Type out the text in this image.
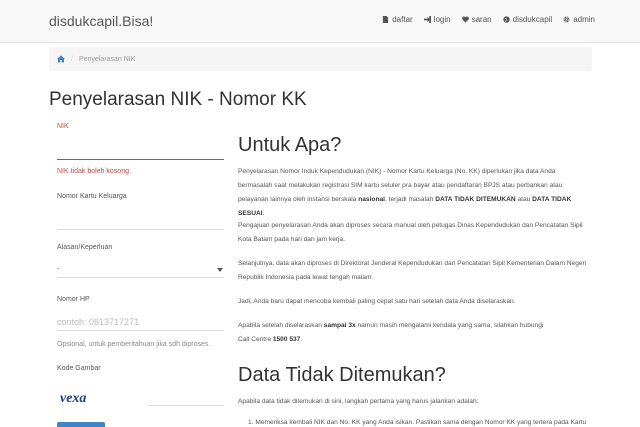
disdukcapil.Bisa!	daftar	login	saran	disdukcapil	admin
/ Penyelarasan NIK
Penyelarasan NIK - Nomor KK
NIK
NIK tidak boleh kosong.
Nomor Kartu Keluarga
Alasan/Keperluan
-
Nomor HP
contoh: 0813717271
Opsional, untuk pemberitahuan jika sdh diproses.
Kode Gambar
vexa
Untuk Apa?

Penyelarasan Nomor Induk Kependudukan (NIK) - Nomor Kartu Keluarga (No. KK) diperlukan jika data Anda bermasalah saat melakukan registrasi SIM kartu seluler pra bayar atau pendaftaran BPJS atau perbankan atau pelayanan lainnya oleh instansi berskala nasional, terjadi masalah DATA TIDAK DITEMUKAN atau DATA TIDAK SESUAI.

Pengajuan penyelarasan Anda akan diproses secara manual oleh petugas Dinas Kependudukan dan Pencatatan Sipil Kota Batam pada hari dan jam kerja.

Selanjutnya, data akan diproses di Direktorat Jenderal Kependudukan dan Pencatatan Sipil Kementerian Dalam Negeri Republik Indonesia pada lewat tengah malam.

Jadi, Anda baru dapat mencoba kembali paling cepat satu hari setelah data Anda diselaraskan.

Apabila setelah diselaraskan sampai 3x namun masih mengalami kendala yang sama, silahkan hubungi
Call Centre 1500 537.

Data Tidak Ditemukan?

Apabila data tidak ditemukan di sini, langkah pertama yang harus jalankan adalah:

1. Memeriksa kembali NIK dan No. KK yang Anda isikan. Pastikan sama dengan Nomor KK yang tertera pada Kartu
